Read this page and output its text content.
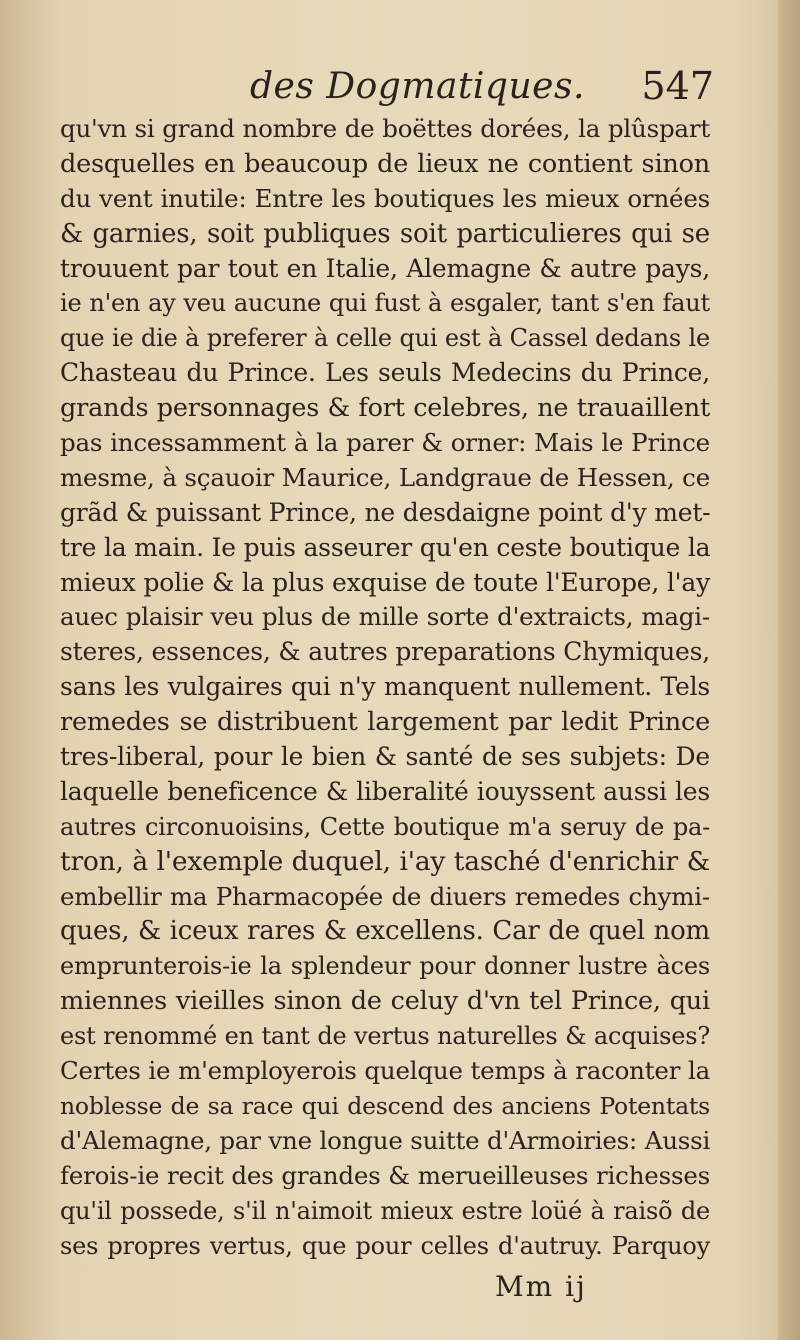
des Dogmatiques. 547
qu'vn si grand nombre de boëttes dorées, la plûspart
desquelles en beaucoup de lieux ne contient sinon
du vent inutile: Entre les boutiques les mieux ornées
& garnies, soit publiques soit particulieres qui se
trouuent par tout en Italie, Alemagne & autre pays,
ie n'en ay veu aucune qui fust à esgaler, tant s'en faut
que ie die à preferer à celle qui est à Cassel dedans le
Chasteau du Prince. Les seuls Medecins du Prince,
grands personnages & fort celebres, ne trauaillent
pas incessamment à la parer & orner: Mais le Prince
mesme, à sçauoir Maurice, Landgraue de Hessen, ce
grãd & puissant Prince, ne desdaigne point d'y met-
tre la main. Ie puis asseurer qu'en ceste boutique la
mieux polie & la plus exquise de toute l'Europe, l'ay
auec plaisir veu plus de mille sorte d'extraicts, magi-
steres, essences, & autres preparations Chymiques,
sans les vulgaires qui n'y manquent nullement. Tels
remedes se distribuent largement par ledit Prince
tres-liberal, pour le bien & santé de ses subjets: De
laquelle beneficence & liberalité iouyssent aussi les
autres circonuoisins, Cette boutique m'a seruy de pa-
tron, à l'exemple duquel, i'ay tasché d'enrichir &
embellir ma Pharmacopée de diuers remedes chymi-
ques, & iceux rares & excellens. Car de quel nom
emprunterois-ie la splendeur pour donner lustre àces
miennes vieilles sinon de celuy d'vn tel Prince, qui
est renommé en tant de vertus naturelles & acquises?
Certes ie m'employerois quelque temps à raconter la
noblesse de sa race qui descend des anciens Potentats
d'Alemagne, par vne longue suitte d'Armoiries: Aussi
ferois-ie recit des grandes & merueilleuses richesses
qu'il possede, s'il n'aimoit mieux estre loüé à raisõ de
ses propres vertus, que pour celles d'autruy. Parquoy
Mm ij
